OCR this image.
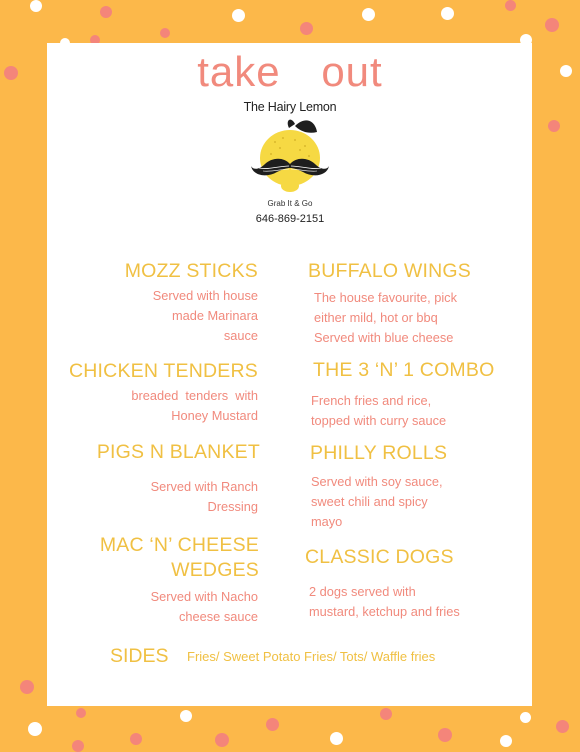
take out
The Hairy Lemon
Grab It & Go
646-869-2151
MOZZ STICKS
Served with house
made Marinara
sauce
CHICKEN TENDERS
breaded  tenders  with
Honey Mustard
PIGS N BLANKET
Served with Ranch
Dressing
MAC ‘N’ CHEESE
WEDGES
Served with Nacho
cheese sauce
BUFFALO WINGS
The house favourite, pick
either mild, hot or bbq
Served with blue cheese
THE 3 ‘N’ 1 COMBO
French fries and rice,
topped with curry sauce
PHILLY ROLLS
Served with soy sauce,
sweet chili and spicy
mayo
CLASSIC DOGS
2 dogs served with
mustard, ketchup and fries
SIDES Fries/ Sweet Potato Fries/ Tots/ Waffle fries
